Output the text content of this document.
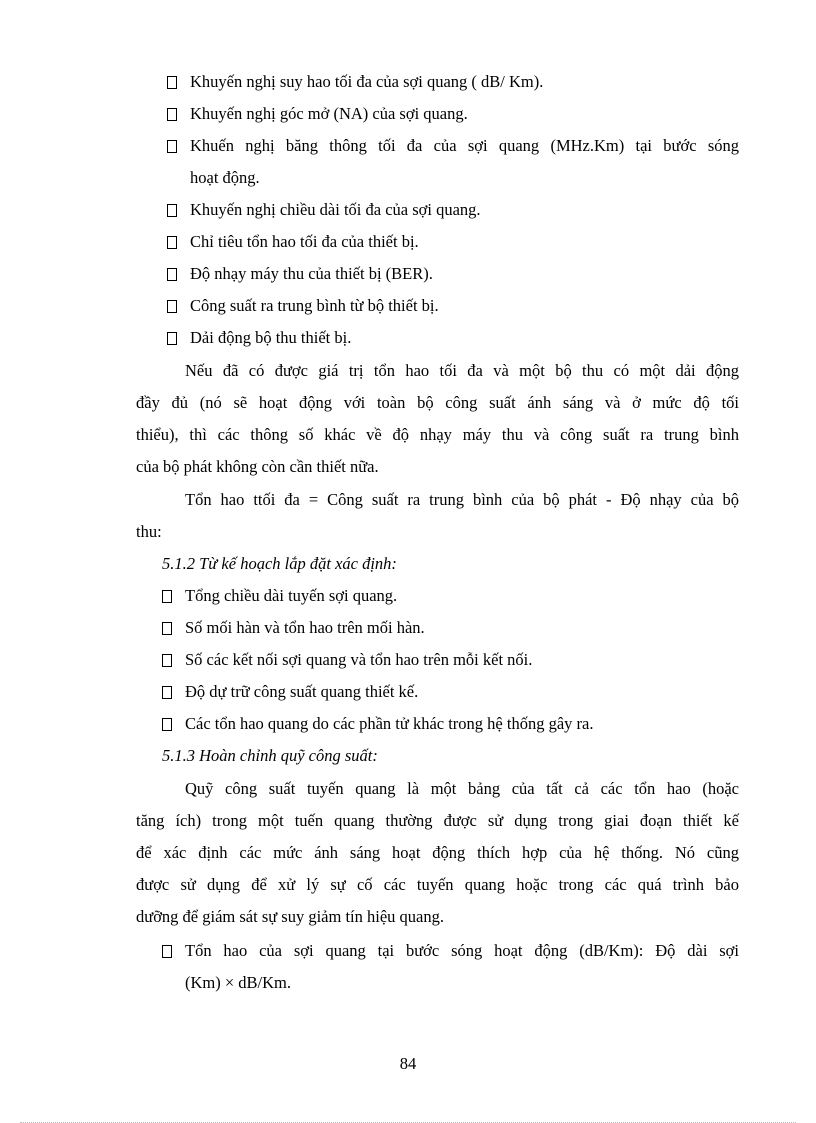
Khuyến nghị suy hao tối đa của sợi quang ( dB/ Km).
Khuyến nghị góc mở (NA) của sợi quang.
Khuến nghị băng thông tối đa của sợi quang (MHz.Km) tại bước sóng
hoạt động.
Khuyến nghị chiều dài tối đa của sợi quang.
Chỉ tiêu tổn hao tối đa của thiết bị.
Độ nhạy máy thu của thiết bị (BER).
Công suất ra trung bình từ bộ thiết bị.
Dải động bộ thu thiết bị.
Nếu đã có được giá trị tổn hao tối đa và một bộ thu có một dải động
đầy đủ (nó sẽ hoạt động với toàn bộ công suất ánh sáng và ở mức độ tối
thiểu), thì các thông số khác về độ nhạy máy thu và công suất ra trung bình
của bộ phát không còn cần thiết nữa.
Tổn hao ttối đa = Công suất ra trung bình của bộ phát - Độ nhạy của bộ
thu:
5.1.2 Từ kế hoạch lắp đặt xác định:
Tổng chiều dài tuyến sợi quang.
Số mối hàn và tổn hao trên mối hàn.
Số các kết nối sợi quang và tổn hao trên mỗi kết nối.
Độ dự trữ công suất quang thiết kế.
Các tổn hao quang do các phần tử khác trong hệ thống gây ra.
5.1.3 Hoàn chỉnh quỹ công suất:
Quỹ công suất tuyến quang là một bảng của tất cả các tổn hao (hoặc
tăng ích) trong một tuến quang thường được sử dụng trong giai đoạn thiết kế
để xác định các mức ánh sáng hoạt động thích hợp của hệ thống. Nó cũng
được sử dụng để xử lý sự cố các tuyến quang hoặc trong các quá trình bảo
dưỡng để giám sát sự suy giảm tín hiệu quang.
Tổn hao của sợi quang tại bước sóng hoạt động (dB/Km): Độ dài sợi
(Km) × dB/Km.
84
